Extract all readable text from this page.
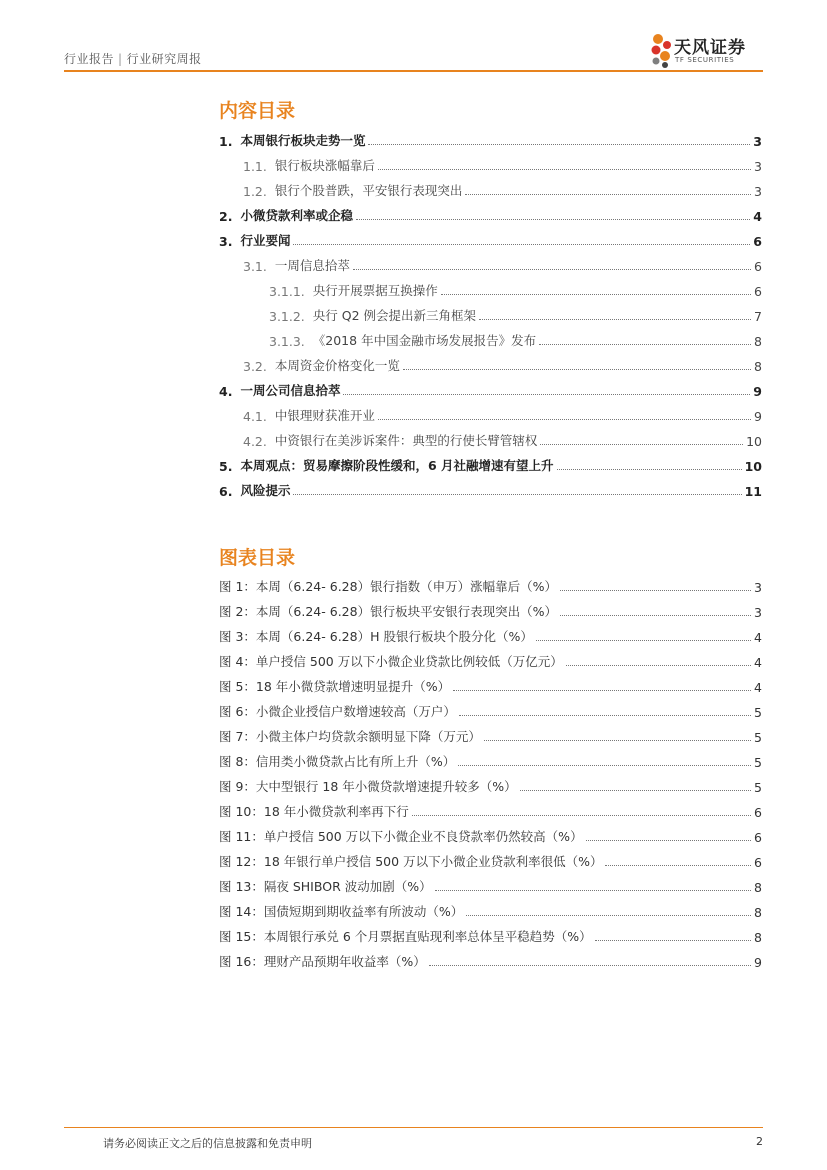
行业报告 | 行业研究周报
天风证券
TF SECURITIES
内容目录
1. 本周银行板块走势一览	3
1.1. 银行板块涨幅靠后	3
1.2. 银行个股普跌，平安银行表现突出	3
2. 小微贷款利率或企稳	4
3. 行业要闻	6
3.1. 一周信息拾萃	6
3.1.1. 央行开展票据互换操作	6
3.1.2. 央行 Q2 例会提出新三角框架	7
3.1.3. 《2018 年中国金融市场发展报告》发布	8
3.2. 本周资金价格变化一览	8
4. 一周公司信息拾萃	9
4.1. 中银理财获准开业	9
4.2. 中资银行在美涉诉案件：典型的行使长臂管辖权	10
5. 本周观点：贸易摩擦阶段性缓和，6 月社融增速有望上升	10
6. 风险提示	11
图表目录
图 1：本周（6.24- 6.28）银行指数（申万）涨幅靠后（%）	3
图 2：本周（6.24- 6.28）银行板块平安银行表现突出（%）	3
图 3：本周（6.24- 6.28）H 股银行板块个股分化（%）	4
图 4：单户授信 500 万以下小微企业贷款比例较低（万亿元）	4
图 5：18 年小微贷款增速明显提升（%）	4
图 6：小微企业授信户数增速较高（万户）	5
图 7：小微主体户均贷款余额明显下降（万元）	5
图 8：信用类小微贷款占比有所上升（%）	5
图 9：大中型银行 18 年小微贷款增速提升较多（%）	5
图 10：18 年小微贷款利率再下行	6
图 11：单户授信 500 万以下小微企业不良贷款率仍然较高（%）	6
图 12：18 年银行单户授信 500 万以下小微企业贷款利率很低（%）	6
图 13：隔夜 SHIBOR 波动加剧（%）	8
图 14：国债短期到期收益率有所波动（%）	8
图 15：本周银行承兑 6 个月票据直贴现利率总体呈平稳趋势（%）	8
图 16：理财产品预期年收益率（%）	9
请务必阅读正文之后的信息披露和免责申明	2
